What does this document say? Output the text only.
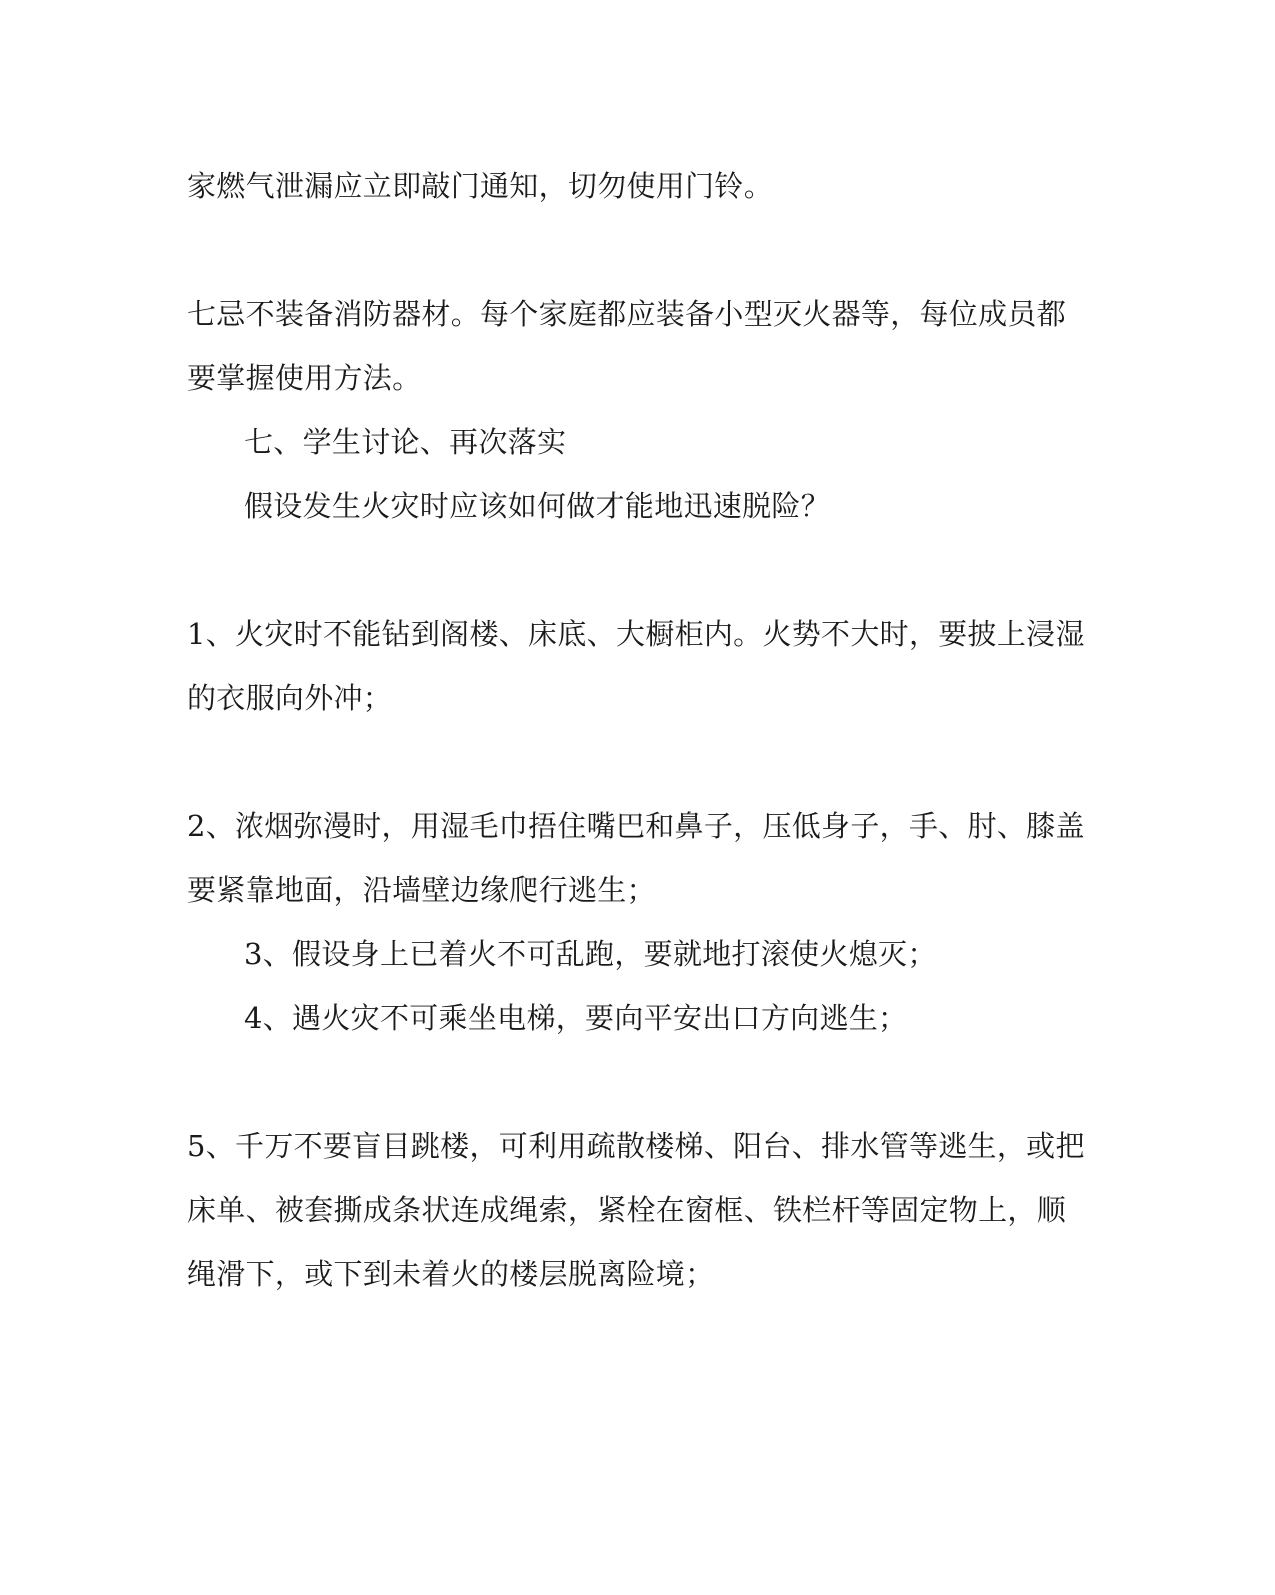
家燃气泄漏应立即敲门通知，切勿使用门铃。
七忌不装备消防器材。每个家庭都应装备小型灭火器等，每位成员都
要掌握使用方法。
七、学生讨论、再次落实
假设发生火灾时应该如何做才能地迅速脱险？
1、火灾时不能钻到阁楼、床底、大橱柜内。火势不大时，要披上浸湿
的衣服向外冲；
2、浓烟弥漫时，用湿毛巾捂住嘴巴和鼻子，压低身子，手、肘、膝盖
要紧靠地面，沿墙壁边缘爬行逃生；
3、假设身上已着火不可乱跑，要就地打滚使火熄灭；
4、遇火灾不可乘坐电梯，要向平安出口方向逃生；
5、千万不要盲目跳楼，可利用疏散楼梯、阳台、排水管等逃生，或把
床单、被套撕成条状连成绳索，紧栓在窗框、铁栏杆等固定物上，顺
绳滑下，或下到未着火的楼层脱离险境；
